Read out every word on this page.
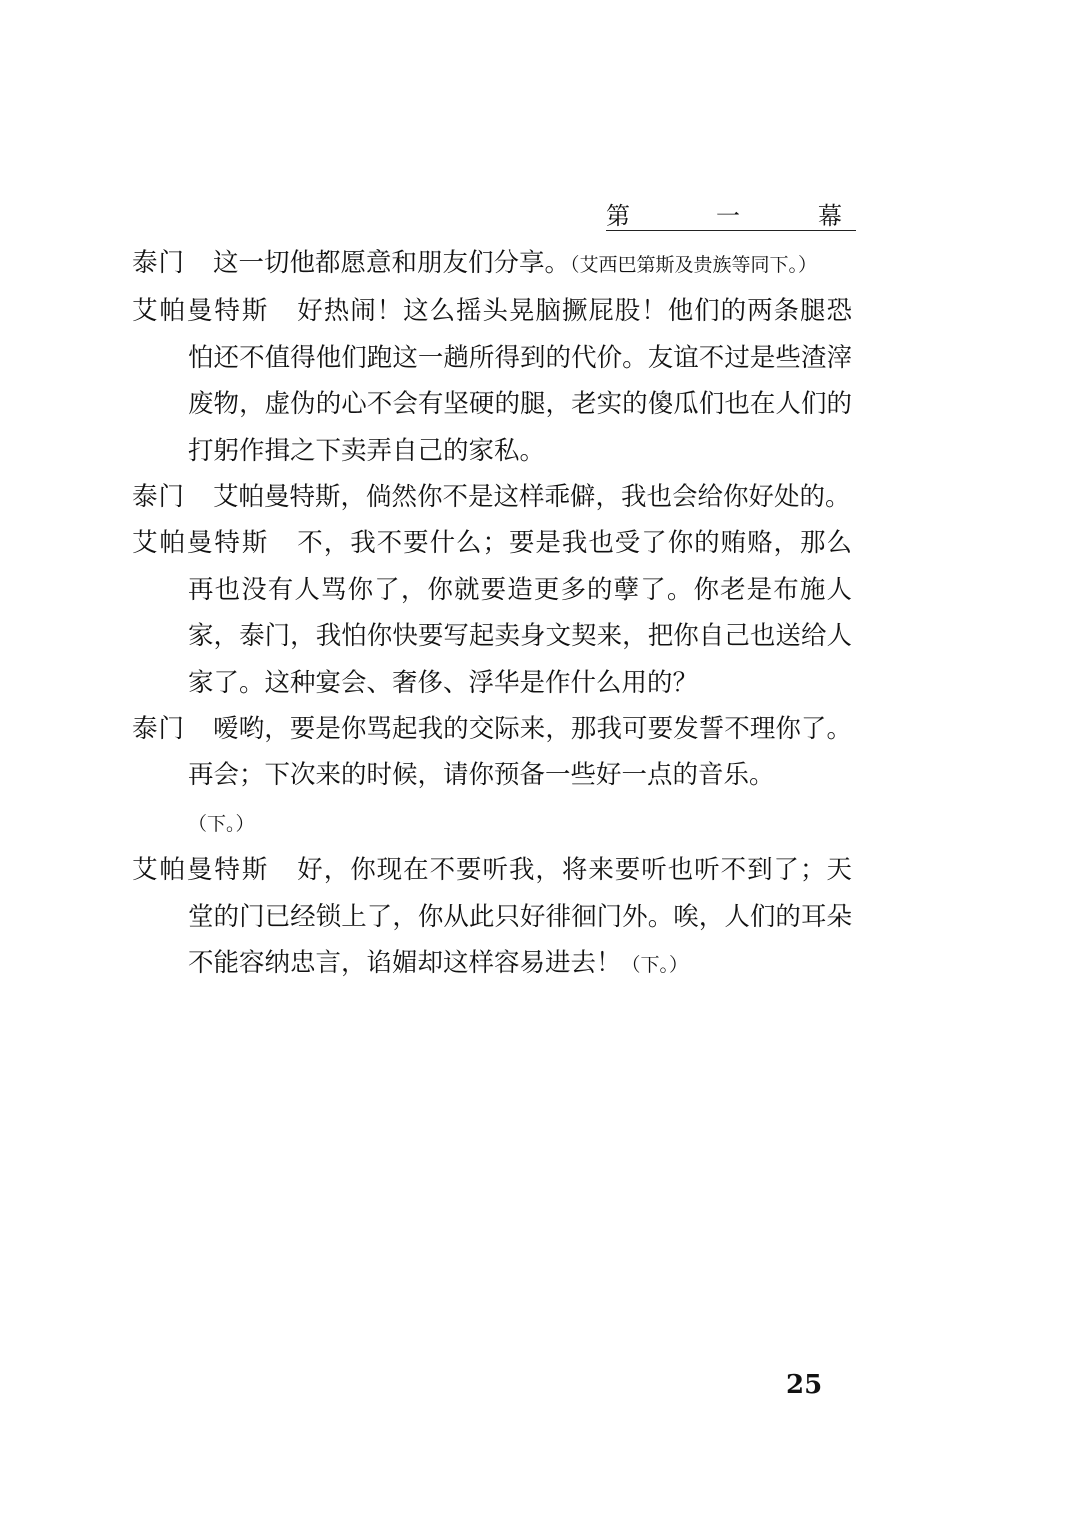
第	一	幕

泰门 这一切他都愿意和朋友们分享。（艾西巴第斯及贵族等同下。）

艾帕曼特斯 好热闹！这么摇头晃脑撅屁股！他们的两条腿恐怕还不值得他们跑这一趟所得到的代价。友谊不过是些渣滓废物，虚伪的心不会有坚硬的腿，老实的傻瓜们也在人们的打躬作揖之下卖弄自己的家私。

泰门 艾帕曼特斯，倘然你不是这样乖僻，我也会给你好处的。

艾帕曼特斯 不，我不要什么；要是我也受了你的贿赂，那么再也没有人骂你了，你就要造更多的孽了。你老是布施人家，泰门，我怕你快要写起卖身文契来，把你自己也送给人家了。这种宴会、奢侈、浮华是作什么用的？

泰门 嗳哟，要是你骂起我的交际来，那我可要发誓不理你了。再会；下次来的时候，请你预备一些好一点的音乐。
（下。）

艾帕曼特斯 好，你现在不要听我，将来要听也听不到了；天堂的门已经锁上了，你从此只好徘徊门外。唉，人们的耳朵不能容纳忠言，谄媚却这样容易进去！（下。）

25
